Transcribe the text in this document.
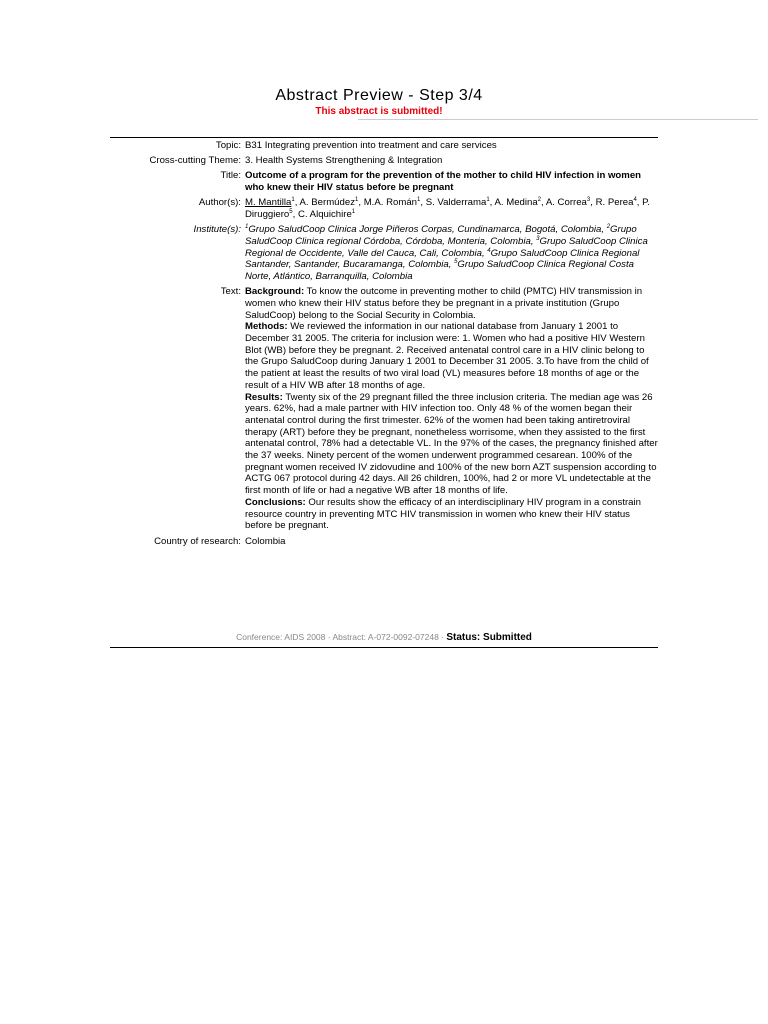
Abstract Preview - Step 3/4
This abstract is submitted!
Topic:	B31 Integrating prevention into treatment and care services
Cross-cutting Theme:	3. Health Systems Strengthening & Integration
Title:	Outcome of a program for the prevention of the mother to child HIV infection in women who knew their HIV status before be pregnant
Author(s):	M. Mantilla$^1$, A. Bermúdez$^1$, M.A. Román$^1$, S. Valderrama$^1$, A. Medina$^2$, A. Correa$^3$, R. Perea$^4$, P. Diruggiero$^5$, C. Alquichire$^1$
Institute(s):	$^1$Grupo SaludCoop Clinica Jorge Piñeros Corpas, Cundinamarca, Bogotá, Colombia, $^2$Grupo SaludCoop Clinica regional Córdoba, Córdoba, Monteria, Colombia, $^3$Grupo SaludCoop Clinica Regional de Occidente, Valle del Cauca, Cali, Colombia, $^4$Grupo SaludCoop Clinica Regional Santander, Santander, Bucaramanga, Colombia, $^5$Grupo SaludCoop Clinica Regional Costa Norte, Atlántico, Barranquilla, Colombia
Text:	Background: To know the outcome in preventing mother to child (PMTC) HIV transmission in women who knew their HIV status before they be pregnant in a private institution (Grupo SaludCoop) belong to the Social Security in Colombia.
Methods: We reviewed the information in our national database from January 1 2001 to December 31 2005. The criteria for inclusion were: 1. Women who had a positive HIV Western Blot (WB) before they be pregnant. 2. Received antenatal control care in a HIV clinic belong to the Grupo SaludCoop during January 1 2001 to December 31 2005. 3.To have from the child of the patient at least the results of two viral load (VL) measures before 18 months of age or the result of a HIV WB after 18 months of age.
Results: Twenty six of the 29 pregnant filled the three inclusion criteria. The median age was 26 years. 62%, had a male partner with HIV infection too. Only 48 % of the women began their antenatal control during the first trimester. 62% of the women had been taking antiretroviral therapy (ART) before they be pregnant, nonetheless worrisome, when they assisted to the first antenatal control, 78% had a detectable VL. In the 97% of the cases, the pregnancy finished after the 37 weeks. Ninety percent of the women underwent programmed cesarean. 100% of the pregnant women received IV zidovudine and 100% of the new born AZT suspension according to ACTG 067 protocol during 42 days. All 26 children, 100%, had 2 or more VL undetectable at the first month of life or had a negative WB after 18 months of life.
Conclusions: Our results show the efficacy of an interdisciplinary HIV program in a constrain resource country in preventing MTC HIV transmission in women who knew their HIV status before be pregnant.

Country of research:	Colombia
Conference: AIDS 2008 · Abstract: A-072-0092-07248 · Status: Submitted
